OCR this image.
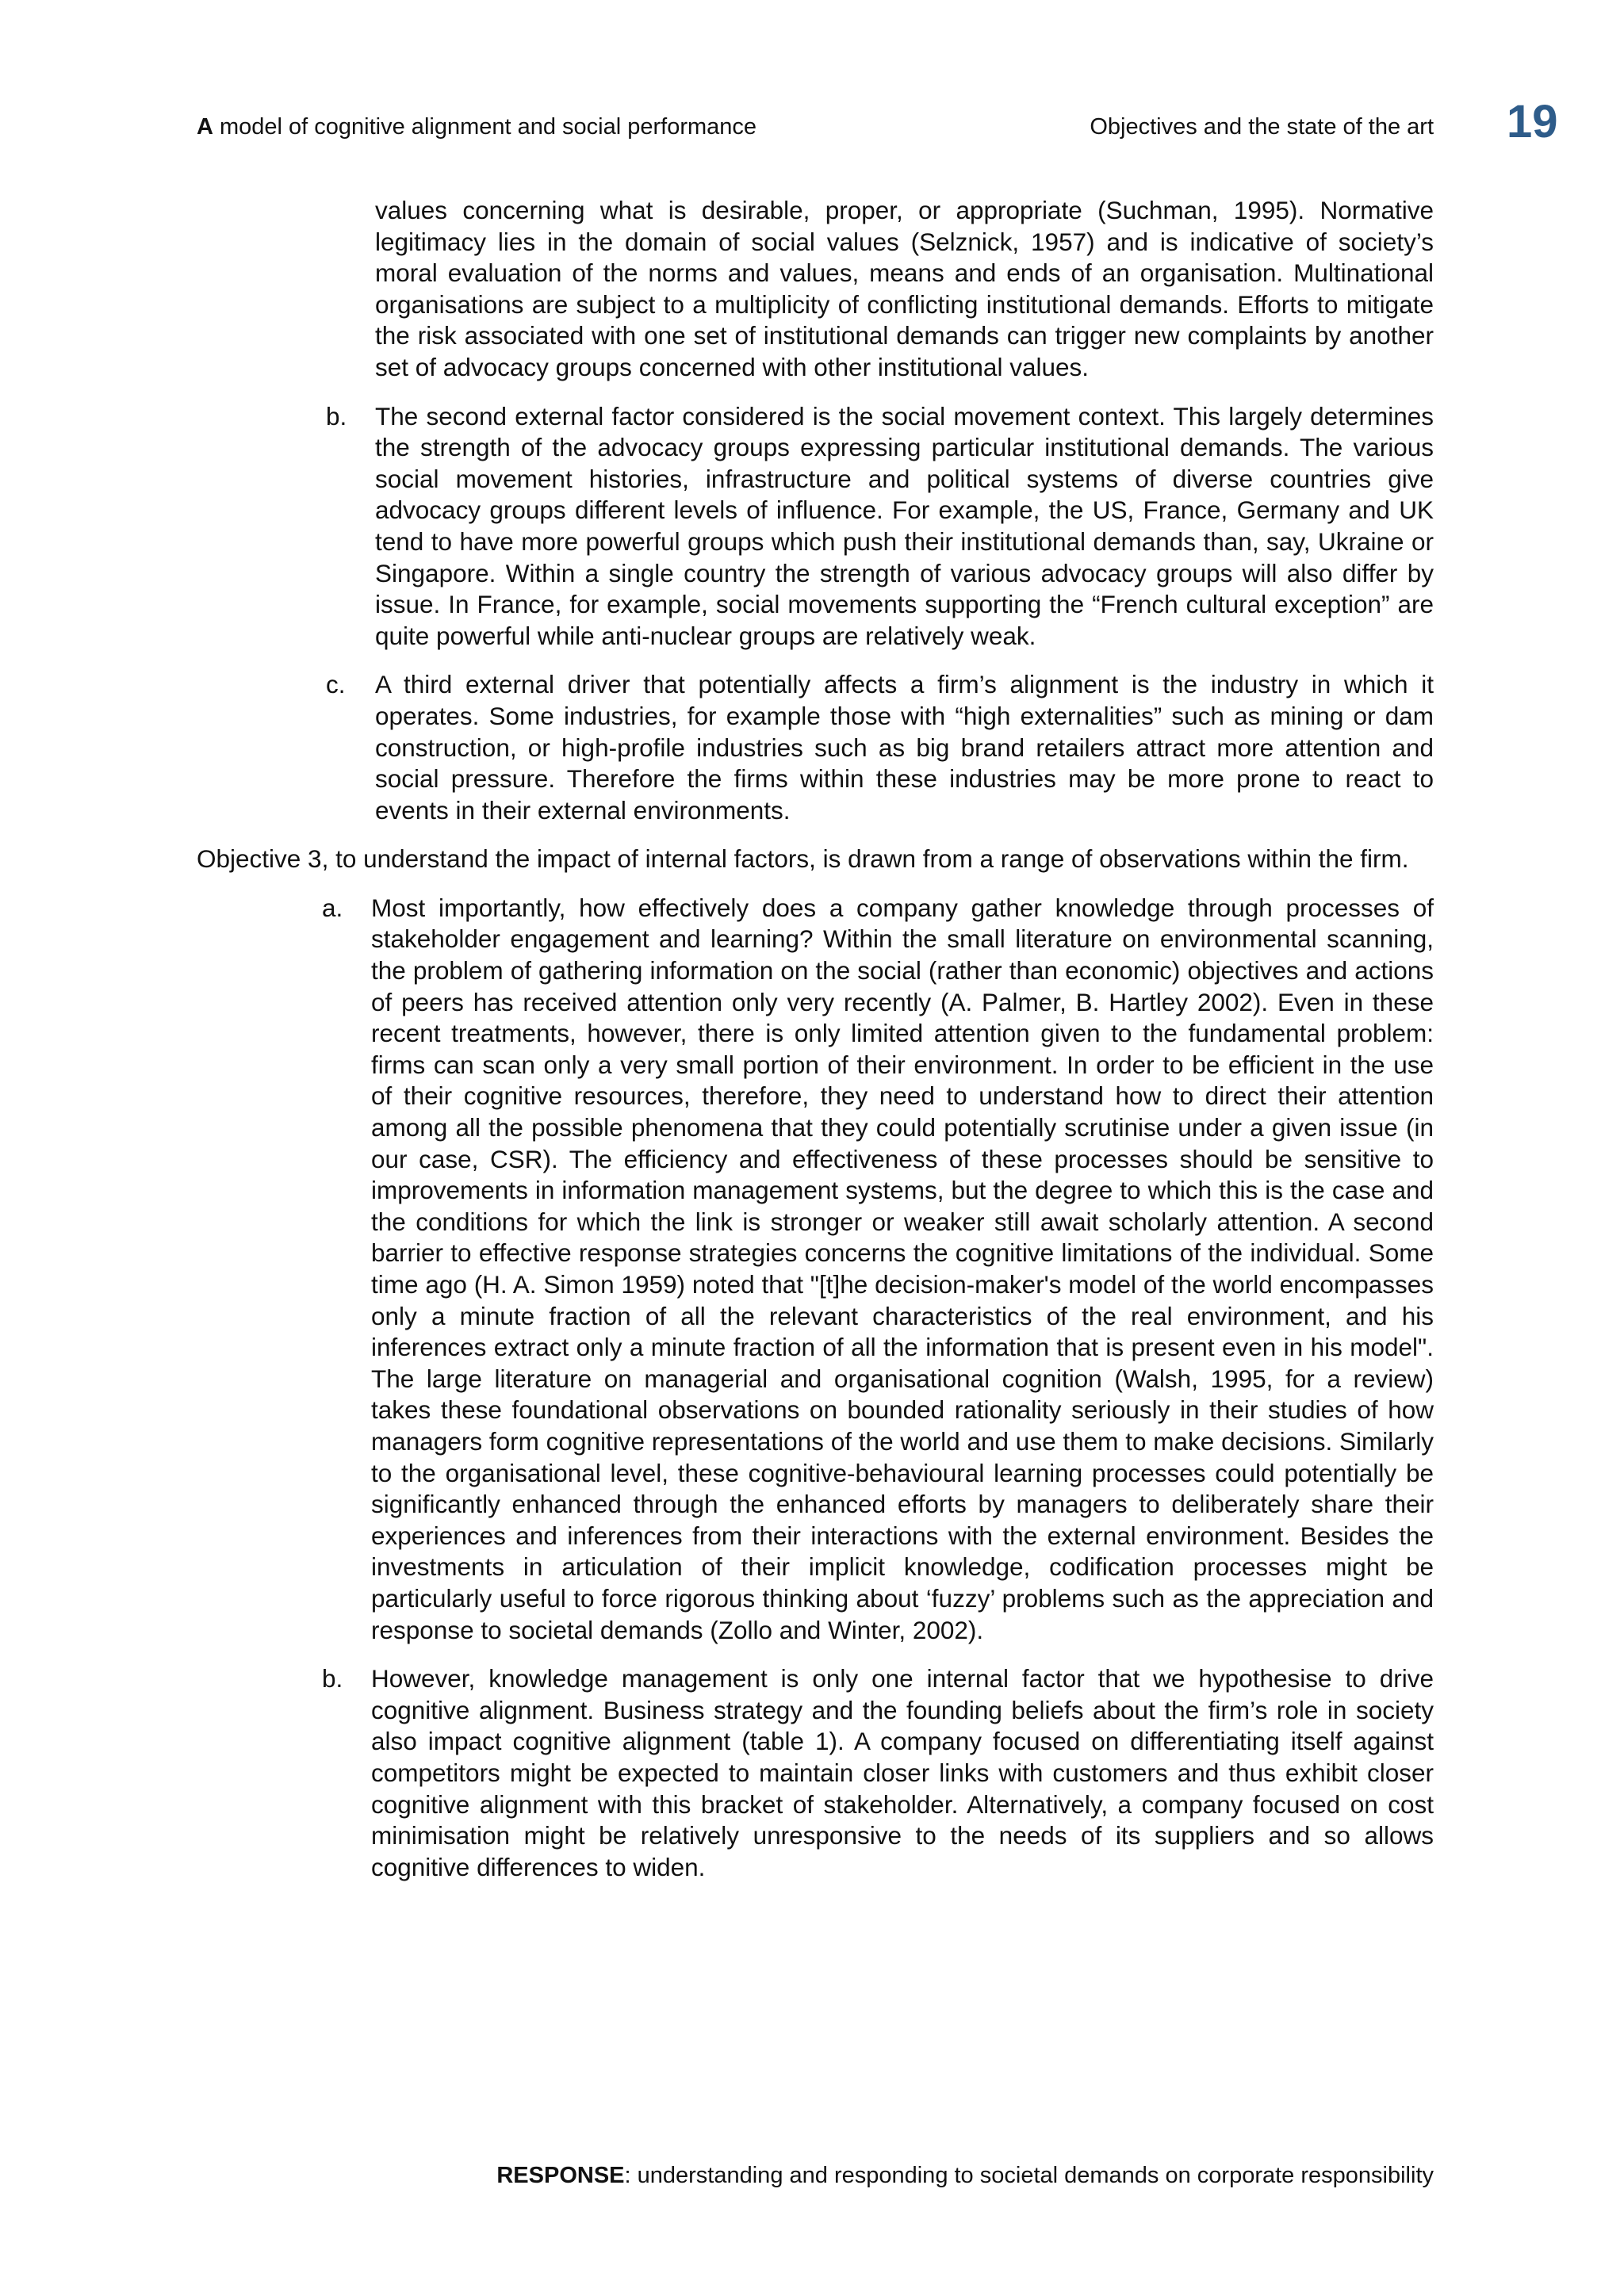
A model of cognitive alignment and social performance	Objectives and the state of the art 19

values concerning what is desirable, proper, or appropriate (Suchman, 1995). Normative legitimacy lies in the domain of social values (Selznick, 1957) and is indicative of society’s moral evaluation of the norms and values, means and ends of an organisation. Multinational organisations are subject to a multiplicity of conflicting institutional demands. Efforts to mitigate the risk associated with one set of institutional demands can trigger new complaints by another set of advocacy groups concerned with other institutional values.

b. The second external factor considered is the social movement context. This largely determines the strength of the advocacy groups expressing particular institutional demands. The various social movement histories, infrastructure and political systems of diverse countries give advocacy groups different levels of influence. For example, the US, France, Germany and UK tend to have more powerful groups which push their institutional demands than, say, Ukraine or Singapore. Within a single country the strength of various advocacy groups will also differ by issue. In France, for example, social movements supporting the “French cultural exception” are quite powerful while anti-nuclear groups are relatively weak.
c. A third external driver that potentially affects a firm’s alignment is the industry in which it operates. Some industries, for example those with “high externalities” such as mining or dam construction, or high-profile industries such as big brand retailers attract more attention and social pressure. Therefore the firms within these industries may be more prone to react to events in their external environments.

Objective 3, to understand the impact of internal factors, is drawn from a range of observations within the firm.

a. Most importantly, how effectively does a company gather knowledge through processes of stakeholder engagement and learning? Within the small literature on environmental scanning, the problem of gathering information on the social (rather than economic) objectives and actions of peers has received attention only very recently (A. Palmer, B. Hartley 2002). Even in these recent treatments, however, there is only limited attention given to the fundamental problem: firms can scan only a very small portion of their environment. In order to be efficient in the use of their cognitive resources, therefore, they need to understand how to direct their attention among all the possible phenomena that they could potentially scrutinise under a given issue (in our case, CSR). The efficiency and effectiveness of these processes should be sensitive to improvements in information management systems, but the degree to which this is the case and the conditions for which the link is stronger or weaker still await scholarly attention. A second barrier to effective response strategies concerns the cognitive limitations of the individual. Some time ago (H. A. Simon 1959) noted that "[t]he decision-maker's model of the world encompasses only a minute fraction of all the relevant characteristics of the real environment, and his inferences extract only a minute fraction of all the information that is present even in his model". The large literature on managerial and organisational cognition (Walsh, 1995, for a review) takes these foundational observations on bounded rationality seriously in their studies of how managers form cognitive representations of the world and use them to make decisions. Similarly to the organisational level, these cognitive-behavioural learning processes could potentially be significantly enhanced through the enhanced efforts by managers to deliberately share their experiences and inferences from their interactions with the external environment. Besides the investments in articulation of their implicit knowledge, codification processes might be particularly useful to force rigorous thinking about ‘fuzzy’ problems such as the appreciation and response to societal demands (Zollo and Winter, 2002).
b. However, knowledge management is only one internal factor that we hypothesise to drive cognitive alignment. Business strategy and the founding beliefs about the firm’s role in society also impact cognitive alignment (table 1). A company focused on differentiating itself against competitors might be expected to maintain closer links with customers and thus exhibit closer cognitive alignment with this bracket of stakeholder. Alternatively, a company focused on cost minimisation might be relatively unresponsive to the needs of its suppliers and so allows cognitive differences to widen.
RESPONSE: understanding and responding to societal demands on corporate responsibility
